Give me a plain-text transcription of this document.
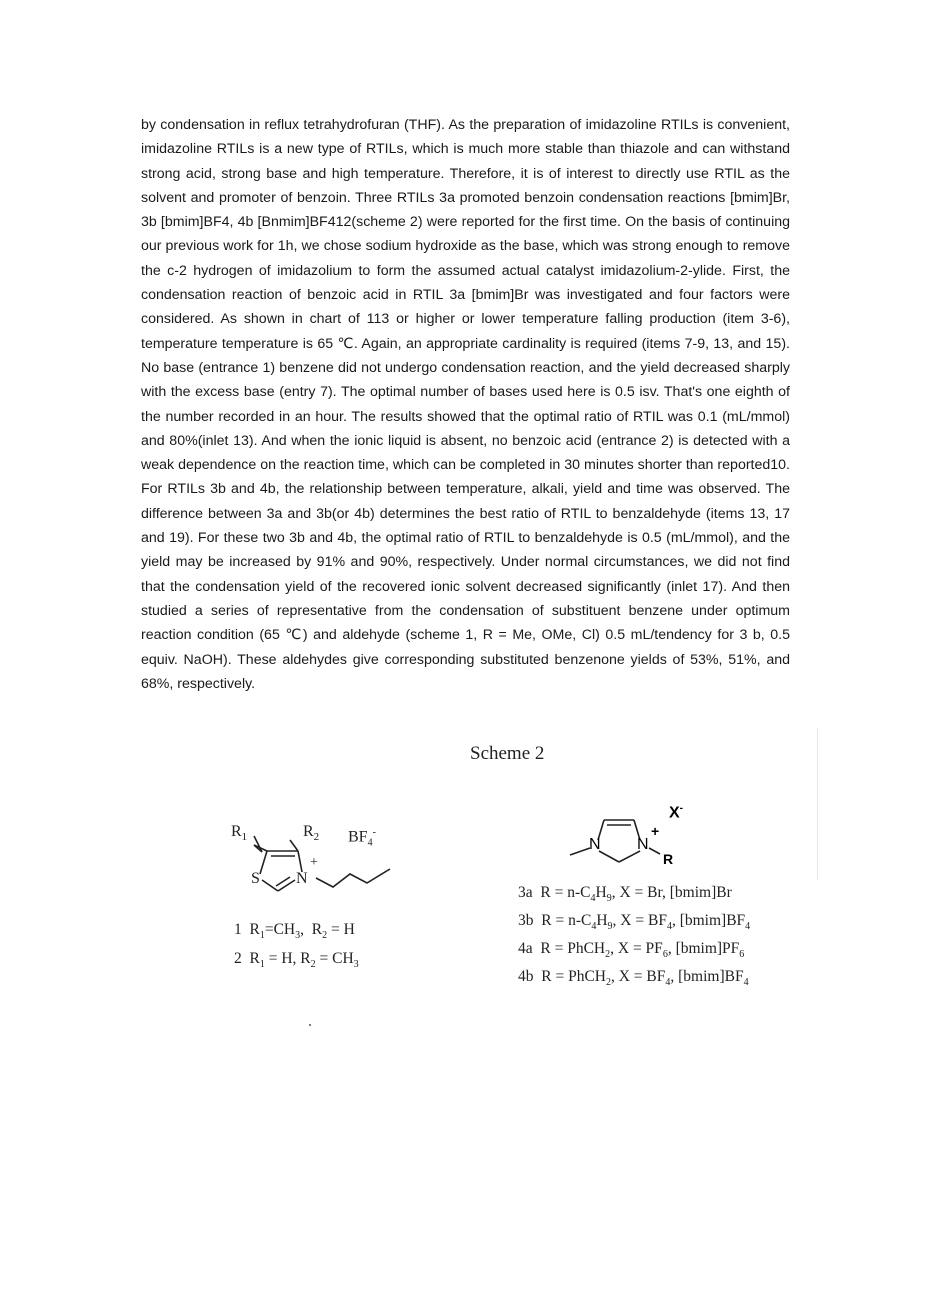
by condensation in reflux tetrahydrofuran (THF). As the preparation of imidazoline RTILs is convenient, imidazoline RTILs is a new type of RTILs, which is much more stable than thiazole and can withstand strong acid, strong base and high temperature. Therefore, it is of interest to directly use RTIL as the solvent and promoter of benzoin. Three RTILs 3a promoted benzoin condensation reactions [bmim]Br, 3b [bmim]BF4, 4b [Bnmim]BF412(scheme 2) were reported for the first time. On the basis of continuing our previous work for 1h, we chose sodium hydroxide as the base, which was strong enough to remove the c-2 hydrogen of imidazolium to form the assumed actual catalyst imidazolium-2-ylide. First, the condensation reaction of benzoic acid in RTIL 3a [bmim]Br was investigated and four factors were considered. As shown in chart of 113 or higher or lower temperature falling production (item 3-6), temperature temperature is 65 ℃. Again, an appropriate cardinality is required (items 7-9, 13, and 15). No base (entrance 1) benzene did not undergo condensation reaction, and the yield decreased sharply with the excess base (entry 7). The optimal number of bases used here is 0.5 isv. That's one eighth of the number recorded in an hour. The results showed that the optimal ratio of RTIL was 0.1 (mL/mmol) and 80%(inlet 13). And when the ionic liquid is absent, no benzoic acid (entrance 2) is detected with a weak dependence on the reaction time, which can be completed in 30 minutes shorter than reported10. For RTILs 3b and 4b, the relationship between temperature, alkali, yield and time was observed. The difference between 3a and 3b(or 4b) determines the best ratio of RTIL to benzaldehyde (items 13, 17 and 19). For these two 3b and 4b, the optimal ratio of RTIL to benzaldehyde is 0.5 (mL/mmol), and the yield may be increased by 91% and 90%, respectively. Under normal circumstances, we did not find that the condensation yield of the recovered ionic solvent decreased significantly (inlet 17). And then studied a series of representative from the condensation of substituent benzene under optimum reaction condition (65 ℃) and aldehyde (scheme 1, R = Me, OMe, Cl) 0.5 mL/tendency for 3 b, 0.5 equiv. NaOH). These aldehydes give corresponding substituted benzenone yields of 53%, 51%, and 68%, respectively.

Scheme 2
$R_1$	$R_2$ $BF_4^-$
S N
+
1 $R_1=CH_3$, $R_2 = H$
2 $R_1 = H$, $R_2 = CH_3$
X-
N N
+
R
3a $R = n-C_4H_9$, X = Br, [bmim]Br
3b $R = n-C_4H_9$, $X = BF_4$, $[bmim]BF_4$
4a R = PhCH$_2$, $X = PF_6$, $[bmim]PF_6$
4b R = PhCH$_2$, $X = BF_4$, $[bmim]BF_4$
